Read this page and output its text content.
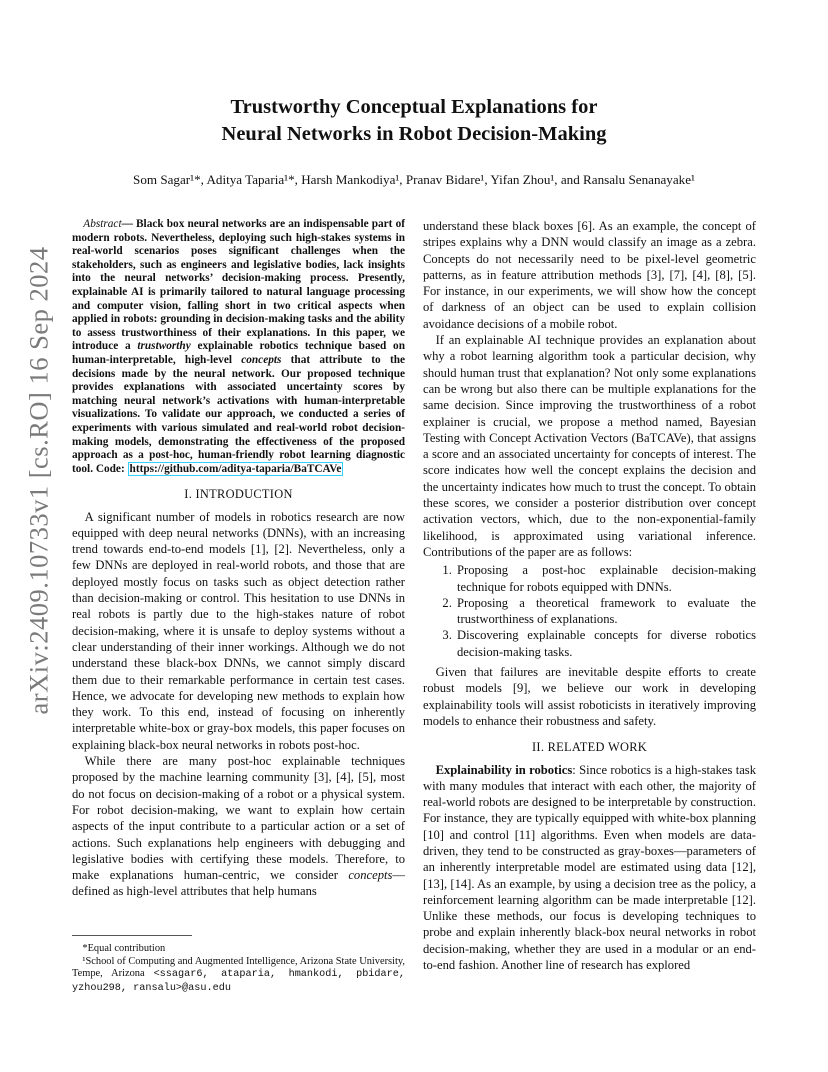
arXiv:2409.10733v1 [cs.RO] 16 Sep 2024
Trustworthy Conceptual Explanations for
Neural Networks in Robot Decision-Making
Som Sagar¹*, Aditya Taparia¹*, Harsh Mankodiya¹, Pranav Bidare¹, Yifan Zhou¹, and Ransalu Senanayake¹

Abstract— Black box neural networks are an indispensable part of modern robots. Nevertheless, deploying such high-stakes systems in real-world scenarios poses significant challenges when the stakeholders, such as engineers and legislative bodies, lack insights into the neural networks’ decision-making process. Presently, explainable AI is primarily tailored to natural language processing and computer vision, falling short in two critical aspects when applied in robots: grounding in decision-making tasks and the ability to assess trustworthiness of their explanations. In this paper, we introduce a trustworthy explainable robotics technique based on human-interpretable, high-level concepts that attribute to the decisions made by the neural network. Our proposed technique provides explanations with associated uncertainty scores by matching neural network’s activations with human-interpretable visualizations. To validate our approach, we conducted a series of experiments with various simulated and real-world robot decision-making models, demonstrating the effectiveness of the proposed approach as a post-hoc, human-friendly robot learning diagnostic tool. Code: https://github.com/aditya-taparia/BaTCAVe

I. INTRODUCTION

A significant number of models in robotics research are now equipped with deep neural networks (DNNs), with an increasing trend towards end-to-end models [1], [2]. Nevertheless, only a few DNNs are deployed in real-world robots, and those that are deployed mostly focus on tasks such as object detection rather than decision-making or control. This hesitation to use DNNs in real robots is partly due to the high-stakes nature of robot decision-making, where it is unsafe to deploy systems without a clear understanding of their inner workings. Although we do not understand these black-box DNNs, we cannot simply discard them due to their remarkable performance in certain test cases. Hence, we advocate for developing new methods to explain how they work. To this end, instead of focusing on inherently interpretable white-box or gray-box models, this paper focuses on explaining black-box neural networks in robots post-hoc.

While there are many post-hoc explainable techniques proposed by the machine learning community [3], [4], [5], most do not focus on decision-making of a robot or a physical system. For robot decision-making, we want to explain how certain aspects of the input contribute to a particular action or a set of actions. Such explanations help engineers with debugging and legislative bodies with certifying these models. Therefore, to make explanations human-centric, we consider concepts—defined as high-level attributes that help humans

*Equal contribution

¹School of Computing and Augmented Intelligence, Arizona State University, Tempe, Arizona <ssagar6, ataparia, hmankodi, pbidare, yzhou298, ransalu>@asu.edu

understand these black boxes [6]. As an example, the concept of stripes explains why a DNN would classify an image as a zebra. Concepts do not necessarily need to be pixel-level geometric patterns, as in feature attribution methods [3], [7], [4], [8], [5]. For instance, in our experiments, we will show how the concept of darkness of an object can be used to explain collision avoidance decisions of a mobile robot.

If an explainable AI technique provides an explanation about why a robot learning algorithm took a particular decision, why should human trust that explanation? Not only some explanations can be wrong but also there can be multiple explanations for the same decision. Since improving the trustworthiness of a robot explainer is crucial, we propose a method named, Bayesian Testing with Concept Activation Vectors (BaTCAVe), that assigns a score and an associated uncertainty for concepts of interest. The score indicates how well the concept explains the decision and the uncertainty indicates how much to trust the concept. To obtain these scores, we consider a posterior distribution over concept activation vectors, which, due to the non-exponential-family likelihood, is approximated using variational inference. Contributions of the paper are as follows:

1. Proposing a post-hoc explainable decision-making technique for robots equipped with DNNs.
2. Proposing a theoretical framework to evaluate the trustworthiness of explanations.
3. Discovering explainable concepts for diverse robotics decision-making tasks.

Given that failures are inevitable despite efforts to create robust models [9], we believe our work in developing explainability tools will assist roboticists in iteratively improving models to enhance their robustness and safety.

II. RELATED WORK

Explainability in robotics: Since robotics is a high-stakes task with many modules that interact with each other, the majority of real-world robots are designed to be interpretable by construction. For instance, they are typically equipped with white-box planning [10] and control [11] algorithms. Even when models are data-driven, they tend to be constructed as gray-boxes—parameters of an inherently interpretable model are estimated using data [12], [13], [14]. As an example, by using a decision tree as the policy, a reinforcement learning algorithm can be made interpretable [12]. Unlike these methods, our focus is developing techniques to probe and explain inherently black-box neural networks in robot decision-making, whether they are used in a modular or an end-to-end fashion. Another line of research has explored
